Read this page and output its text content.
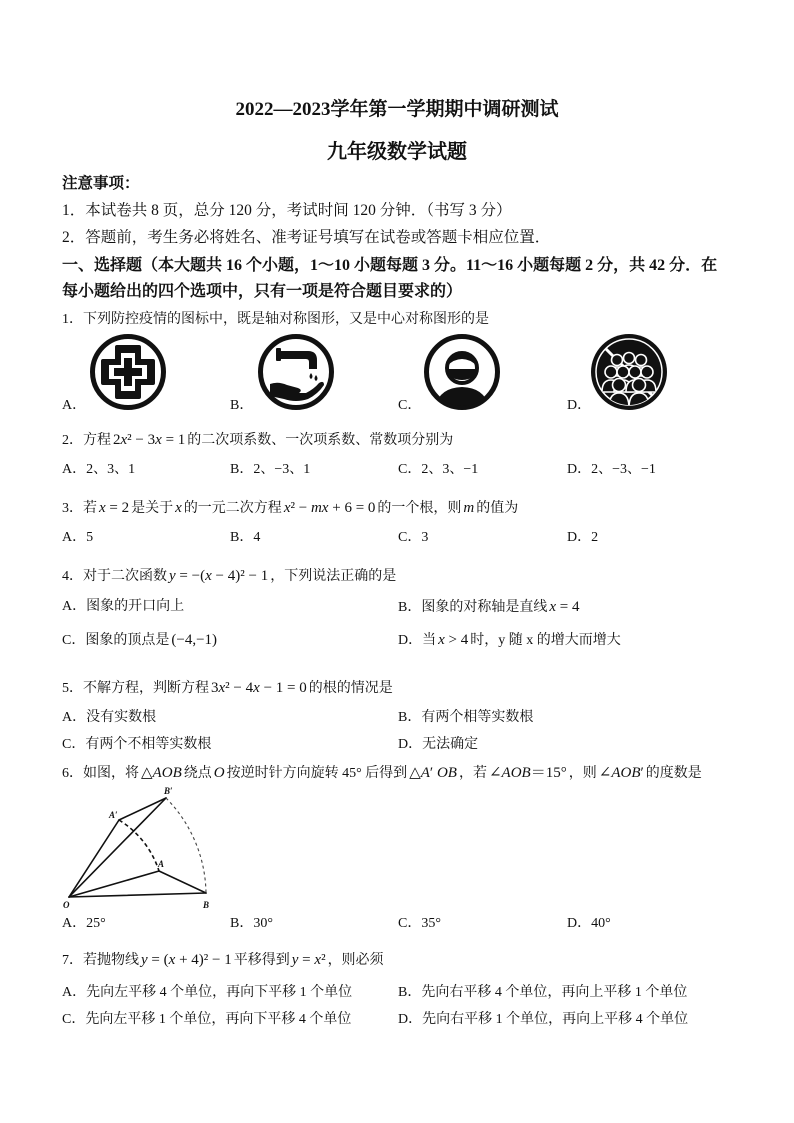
2022—2023学年第一学期期中调研测试
九年级数学试题
注意事项：
1．本试卷共 8 页，总分 120 分，考试时间 120 分钟．（书写 3 分）
2．答题前，考生务必将姓名、准考证号填写在试卷或答题卡相应位置．
一、选择题（本大题共 16 个小题，1～10 小题每题 3 分。11～16 小题每题 2 分，共 42 分．在
每小题给出的四个选项中，只有一项是符合题目要求的）
1．下列防控疫情的图标中，既是轴对称图形，又是中心对称图形的是
A．	B．	C．	D．
2．方程 2x² − 3x = 1 的二次项系数、一次项系数、常数项分别为
A．2、3、1	B．2、−3、1	C．2、3、−1	D．2、−3、−1
3．若 x = 2 是关于 x 的一元二次方程 x² − mx + 6 = 0 的一个根，则 m 的值为
A．5	B．4	C．3	D．2
4．对于二次函数 y = −(x − 4)² − 1 ，下列说法正确的是
A．图象的开口向上	B．图象的对称轴是直线 x = 4
C．图象的顶点是 (−4,−1)	D．当 x > 4 时，y 随 x 的增大而增大
5．不解方程，判断方程 3x² − 4x − 1 = 0 的根的情况是
A．没有实数根	B．有两个相等实数根
C．有两个不相等实数根	D．无法确定
6．如图，将 △AOB 绕点 O 按逆时针方向旋转 45° 后得到 △A′ OB ，若 ∠AOB＝15° ，则 ∠AOB′ 的度数是
B′
A′
A
O	B
A．25°	B．30°	C．35°	D．40°
7．若抛物线 y = (x + 4)² − 1 平移得到 y = x² ，则必须
A．先向左平移 4 个单位，再向下平移 1 个单位	B．先向右平移 4 个单位，再向上平移 1 个单位
C．先向左平移 1 个单位，再向下平移 4 个单位	D．先向右平移 1 个单位，再向上平移 4 个单位
